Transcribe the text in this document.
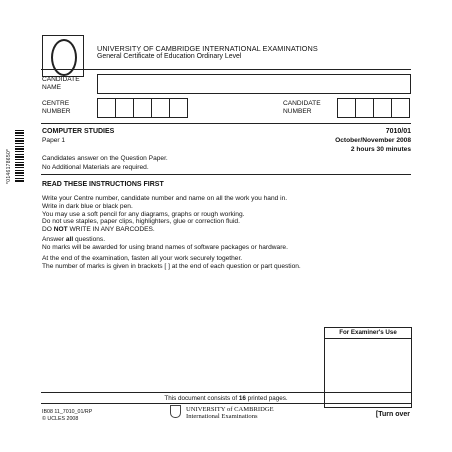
UNIVERSITY OF CAMBRIDGE INTERNATIONAL EXAMINATIONS
General Certificate of Education Ordinary Level
CANDIDATE
NAME
CENTRE
NUMBER
CANDIDATE
NUMBER
*0146178650*
COMPUTER STUDIES	7010/01
Paper 1	October/November 2008
2 hours 30 minutes
Candidates answer on the Question Paper.
No Additional Materials are required.
READ THESE INSTRUCTIONS FIRST
Write your Centre number, candidate number and name on all the work you hand in.
Write in dark blue or black pen.
You may use a soft pencil for any diagrams, graphs or rough working.
Do not use staples, paper clips, highlighters, glue or correction fluid.
DO NOT WRITE IN ANY BARCODES.
Answer all questions.
No marks will be awarded for using brand names of software packages or hardware.
At the end of the examination, fasten all your work securely together.
The number of marks is given in brackets [ ] at the end of each question or part question.
For Examiner's Use
This document consists of 16 printed pages.
IB08 11_7010_01/RP
© UCLES 2008
UNIVERSITY of CAMBRIDGE
International Examinations	[Turn over
